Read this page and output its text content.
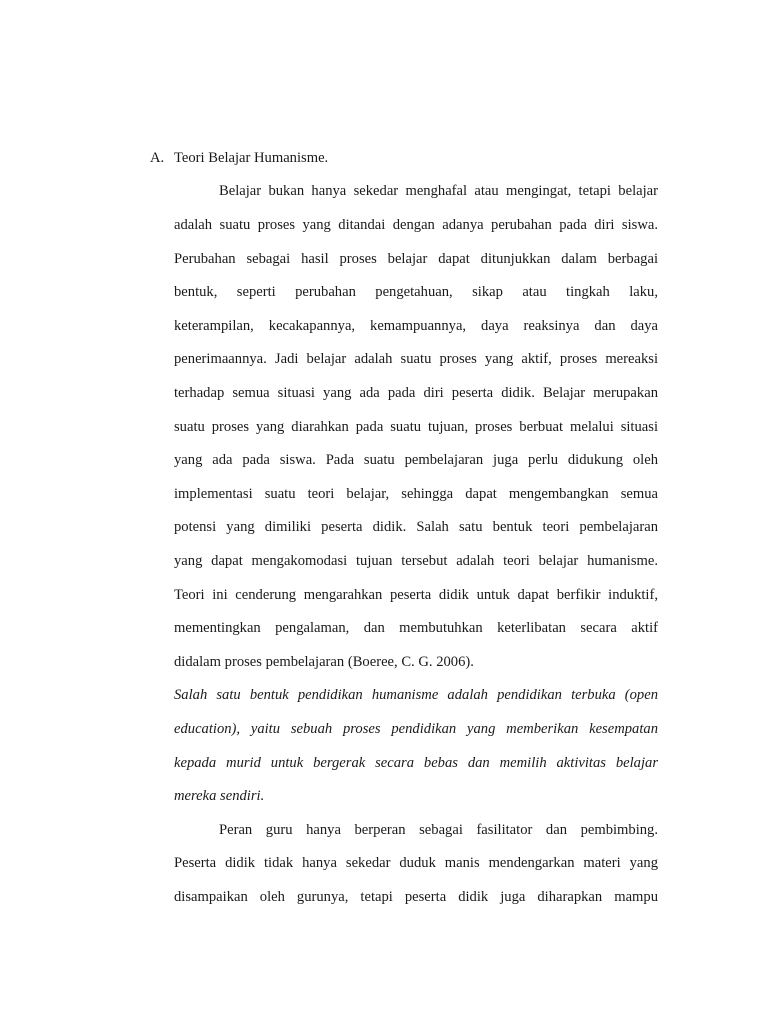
A. Teori Belajar Humanisme.
Belajar bukan hanya sekedar menghafal atau mengingat, tetapi belajar
adalah suatu proses yang ditandai dengan adanya perubahan pada diri siswa.
Perubahan sebagai hasil proses belajar dapat ditunjukkan dalam berbagai
bentuk, seperti perubahan pengetahuan, sikap atau tingkah laku,
keterampilan, kecakapannya, kemampuannya, daya reaksinya dan daya
penerimaannya. Jadi belajar adalah suatu proses yang aktif, proses mereaksi
terhadap semua situasi yang ada pada diri peserta didik. Belajar merupakan
suatu proses yang diarahkan pada suatu tujuan, proses berbuat melalui situasi
yang ada pada siswa. Pada suatu pembelajaran juga perlu didukung oleh
implementasi suatu teori belajar, sehingga dapat mengembangkan semua
potensi yang dimiliki peserta didik. Salah satu bentuk teori pembelajaran
yang dapat mengakomodasi tujuan tersebut adalah teori belajar humanisme.
Teori ini cenderung mengarahkan peserta didik untuk dapat berfikir induktif,
mementingkan pengalaman, dan membutuhkan keterlibatan secara aktif
didalam proses pembelajaran (Boeree, C. G. 2006).
Salah satu bentuk pendidikan humanisme adalah pendidikan terbuka (open
education), yaitu sebuah proses pendidikan yang memberikan kesempatan
kepada murid untuk bergerak secara bebas dan memilih aktivitas belajar
mereka sendiri.
Peran guru hanya berperan sebagai fasilitator dan pembimbing.
Peserta didik tidak hanya sekedar duduk manis mendengarkan materi yang
disampaikan oleh gurunya, tetapi peserta didik juga diharapkan mampu
